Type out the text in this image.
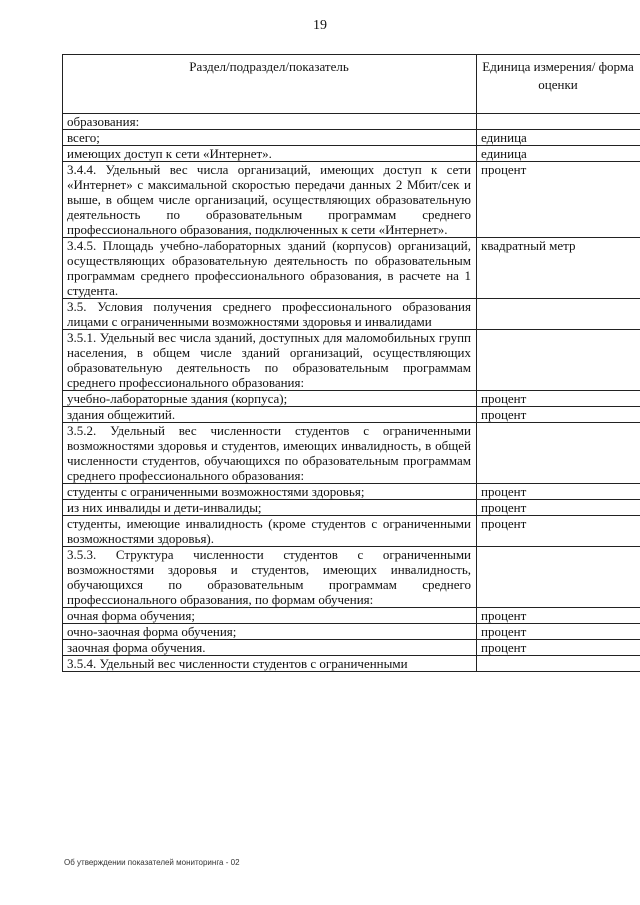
19
Раздел/подраздел/показатель	Единица измерения/ форма оценки
образования:	
всего;	единица
имеющих доступ к сети «Интернет».	единица
3.4.4. Удельный вес числа организаций, имеющих доступ к сети «Интернет» с максимальной скоростью передачи данных 2 Мбит/сек и выше, в общем числе организаций, осуществляющих образовательную деятельность по образовательным программам среднего профессионального образования, подключенных к сети «Интернет».	процент
3.4.5. Площадь учебно-лабораторных зданий (корпусов) организаций, осуществляющих образовательную деятельность по образовательным программам среднего профессионального образования, в расчете на 1 студента.	квадратный метр
3.5. Условия получения среднего профессионального образования лицами с ограниченными возможностями здоровья и инвалидами	
3.5.1. Удельный вес числа зданий, доступных для маломобильных групп населения, в общем числе зданий организаций, осуществляющих образовательную деятельность по образовательным программам среднего профессионального образования:	
учебно-лабораторные здания (корпуса);	процент
здания общежитий.	процент
3.5.2. Удельный вес численности студентов с ограниченными возможностями здоровья и студентов, имеющих инвалидность, в общей численности студентов, обучающихся по образовательным программам среднего профессионального образования:	
студенты с ограниченными возможностями здоровья;	процент
из них инвалиды и дети-инвалиды;	процент
студенты, имеющие инвалидность (кроме студентов с ограниченными возможностями здоровья).	процент
3.5.3. Структура численности студентов с ограниченными возможностями здоровья и студентов, имеющих инвалидность, обучающихся по образовательным программам среднего профессионального образования, по формам обучения:	
очная форма обучения;	процент
очно-заочная форма обучения;	процент
заочная форма обучения.	процент
3.5.4. Удельный вес численности студентов с ограниченными	
Об утверждении показателей мониторинга - 02
